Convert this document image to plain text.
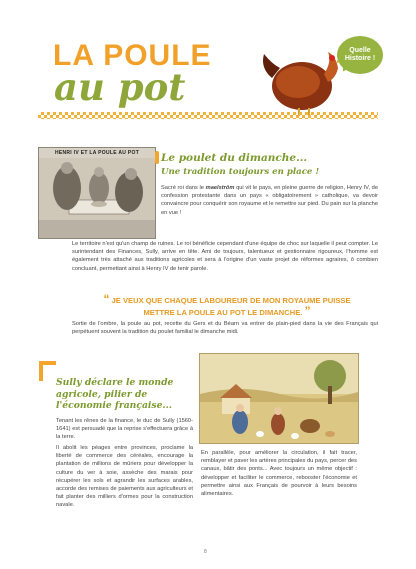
LA POULE
au pot
Quelle Histoire !
HENRI IV ET LA POULE AU POT	Le poulet du dimanche...
Une tradition toujours en place !
Sacré roi dans le maelström qui vit le pays, en pleine guerre de religion, Henry IV, de confession protestante dans un pays « obligatoirement » catholique, va devoir convaincre pour conquérir son royaume et le remettre sur pied. Du pain sur la planche en vue !
Le territoire n'est qu'un champ de ruines. Le roi bénéficie cependant d'une équipe de choc sur laquelle il peut compter. Le surintendant des Finances, Sully, arrive en tête. Ami de toujours, talentueux et gestionnaire rigoureux, l'homme est également très attaché aux traditions agricoles et sera à l'origine d'un vaste projet de réformes agraires, ô combien concluant, permettant ainsi à Henry IV de tenir parole.
“ JE VEUX QUE CHAQUE LABOUREUR DE MON ROYAUME PUISSE METTRE LA POULE AU POT LE DIMANCHE. ”
Sortie de l'ombre, la poule au pot, recette du Gers et du Béarn va entrer de plain-pied dans la vie des Français qui perpétuent souvent la tradition du poulet familial le dimanche midi.
Sully déclare le monde agricole, pilier de l'économie française...
Tenant les rênes de la finance, le duc de Sully (1560-1641) est persuadé que la reprise s'effectuera grâce à la terre.
Il abolit les péages entre provinces, proclame la liberté de commerce des céréales, encourage la plantation de millions de mûriers pour développer la culture du ver à soie, assèche des marais pour récupérer les sols et agrandir les surfaces arables, accorde des remises de paiements aux agriculteurs et fait planter des milliers d'ormes pour la construction navale.
En parallèle, pour améliorer la circulation, il fait tracer, remblayer et paver les artères principales du pays, percer des canaux, bâtir des ponts... Avec toujours un même objectif : développer et faciliter le commerce, rebooster l'économie et permettre ainsi aux Français de pourvoir à leurs besoins alimentaires.
8
